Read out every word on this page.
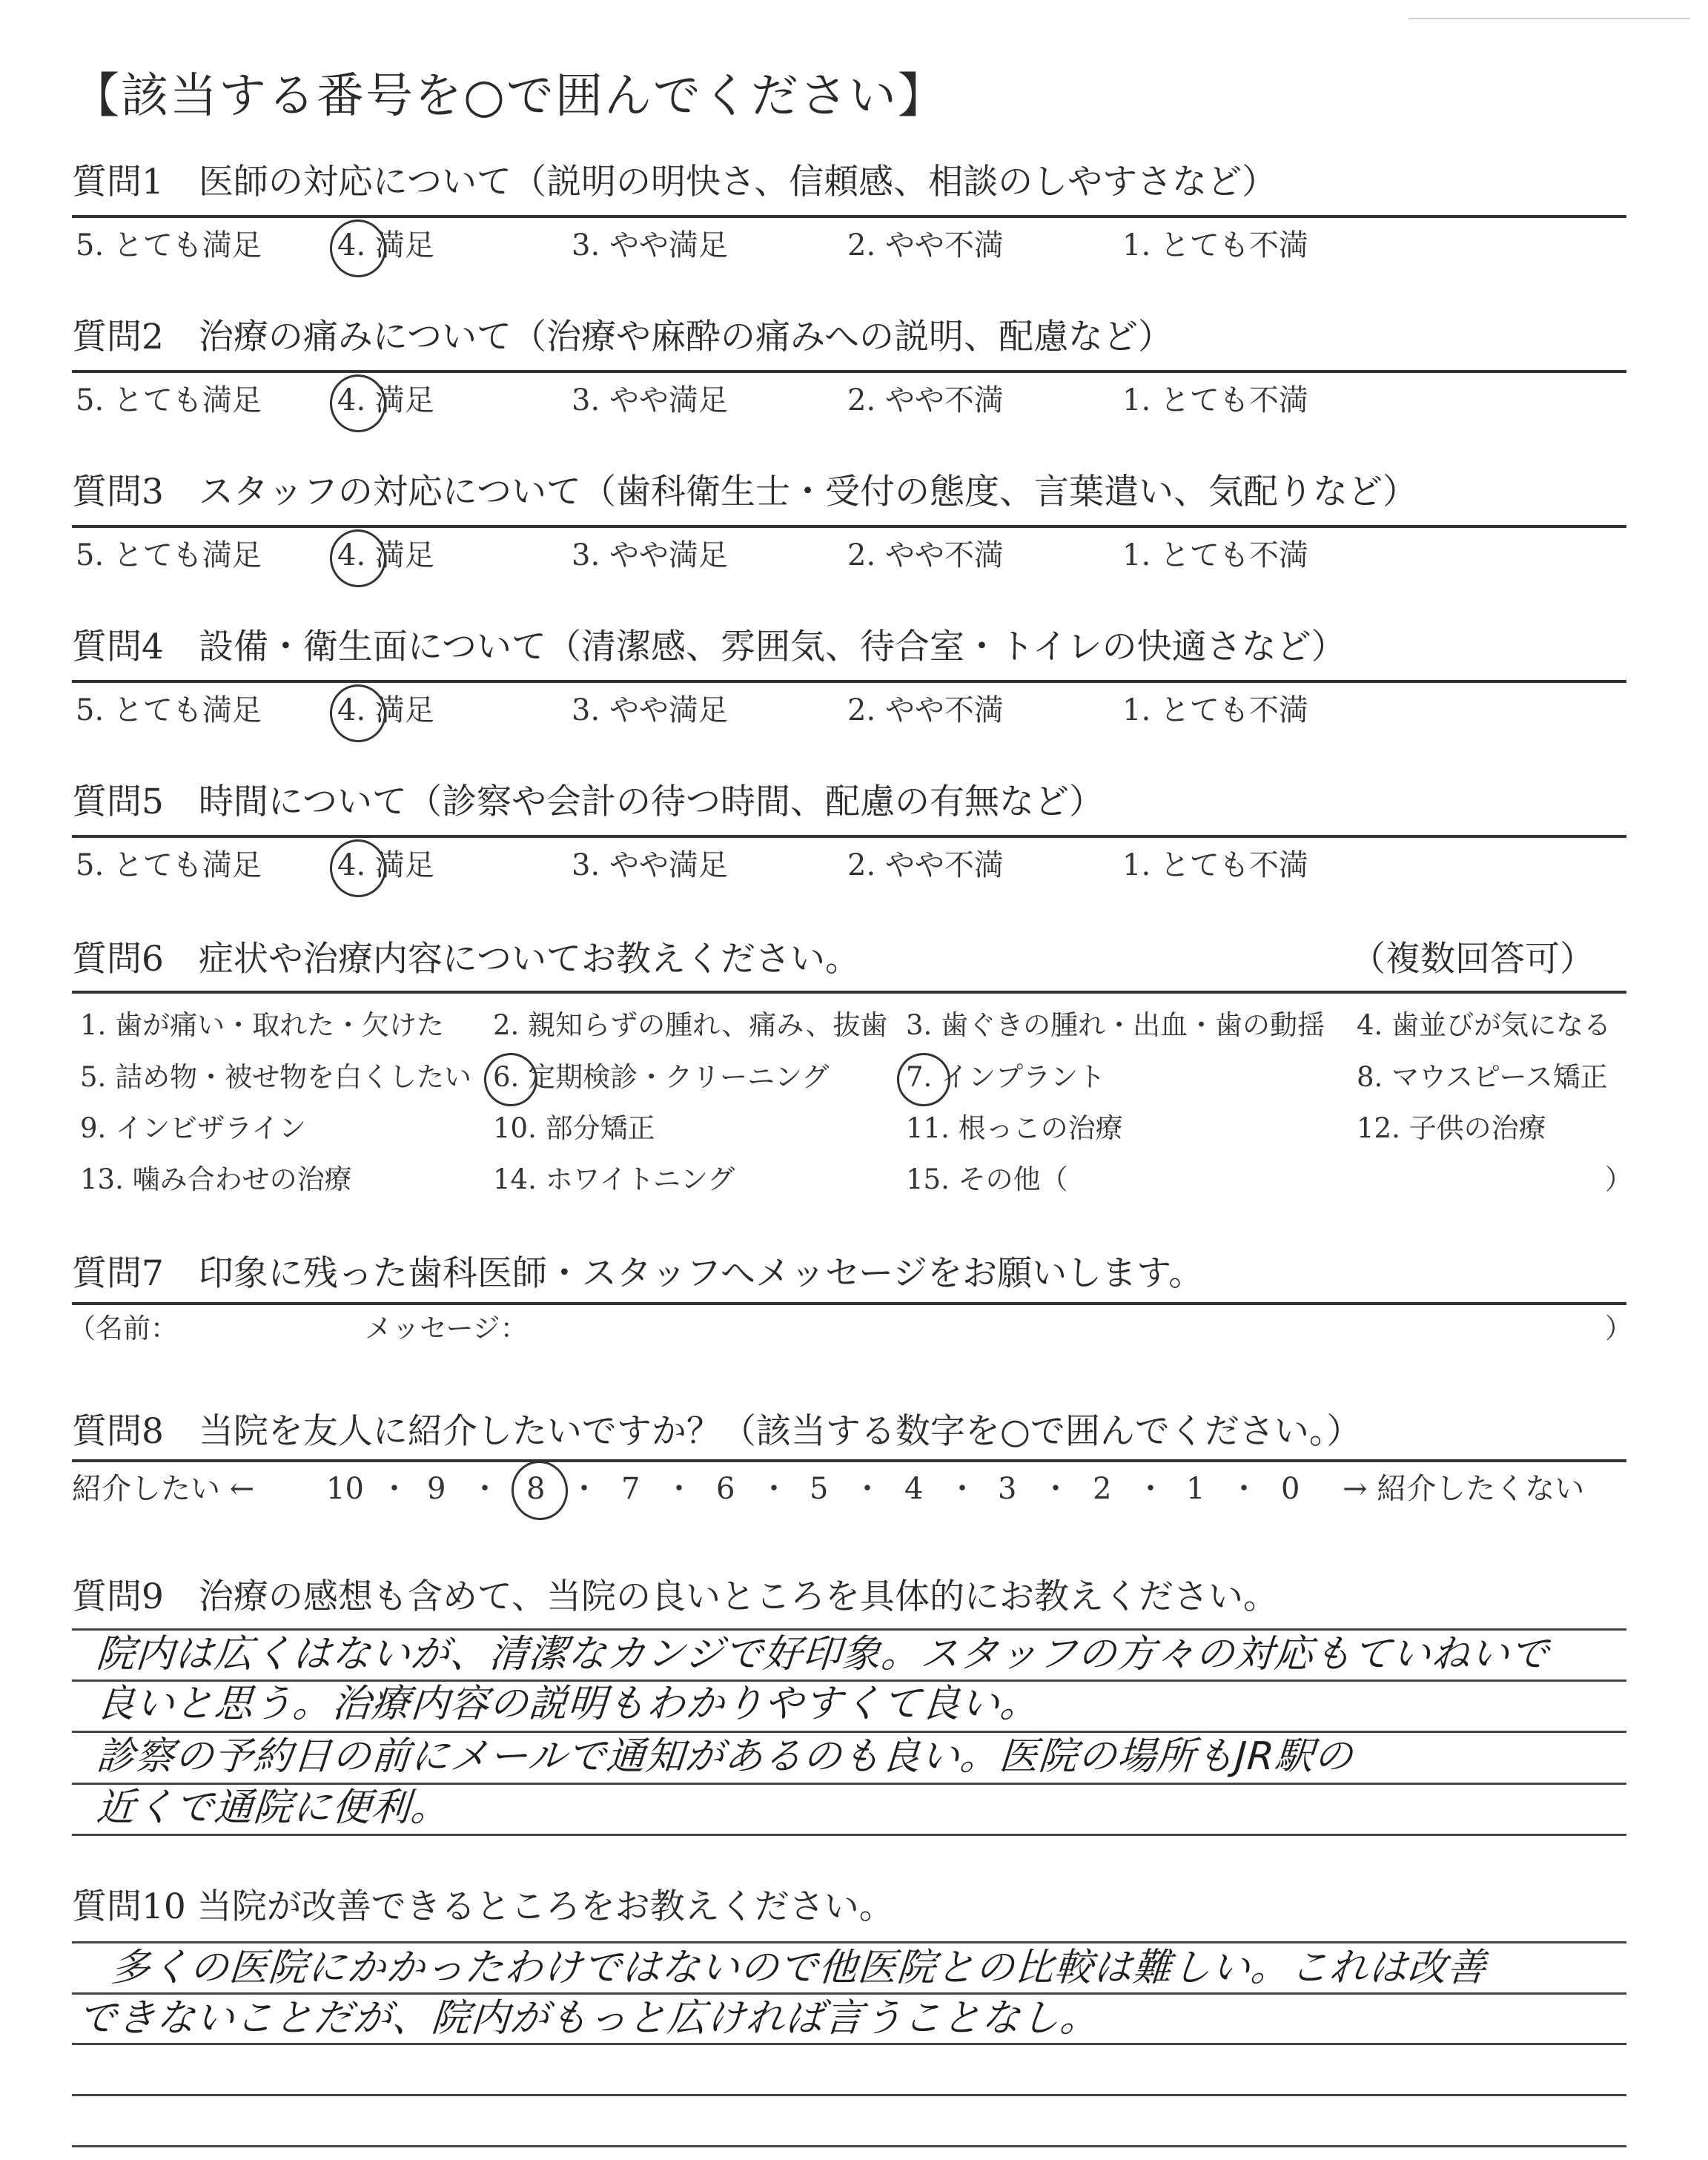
【該当する番号を○で囲んでください】
質問1　医師の対応について（説明の明快さ、信頼感、相談のしやすさなど）
5. とても満足	4. 満足	3. やや満足	2. やや不満	1. とても不満
質問2　治療の痛みについて（治療や麻酔の痛みへの説明、配慮など）
5. とても満足	4. 満足	3. やや満足	2. やや不満	1. とても不満
質問3　スタッフの対応について（歯科衛生士・受付の態度、言葉遣い、気配りなど）
5. とても満足	4. 満足	3. やや満足	2. やや不満	1. とても不満
質問4　設備・衛生面について（清潔感、雰囲気、待合室・トイレの快適さなど）
5. とても満足	4. 満足	3. やや満足	2. やや不満	1. とても不満
質問5　時間について（診察や会計の待つ時間、配慮の有無など）
5. とても満足	4. 満足	3. やや満足	2. やや不満	1. とても不満
質問6　症状や治療内容についてお教えください。	（複数回答可）
1. 歯が痛い・取れた・欠けた 2. 親知らずの腫れ、痛み、抜歯 3. 歯ぐきの腫れ・出血・歯の動揺 4. 歯並びが気になる
5. 詰め物・被せ物を白くしたい 6. 定期検診・クリーニング	7. インプラント	8. マウスピース矯正
9. インビザライン	10. 部分矯正	11. 根っこの治療	12. 子供の治療
13. 噛み合わせの治療	14. ホワイトニング	15. その他（	）
質問7　印象に残った歯科医師・スタッフへメッセージをお願いします。
（名前：	メッセージ：	）
質問8　当院を友人に紹介したいですか？（該当する数字を○で囲んでください。）
紹介したい ← 10 ・ 9 ・ 8 ・ 7 ・ 6 ・ 5 ・ 4 ・ 3 ・ 2 ・ 1 ・ 0 → 紹介したくない
質問9　治療の感想も含めて、当院の良いところを具体的にお教えください。
院内は広くはないが、清潔なカンジで好印象。スタッフの方々の対応もていねいで
良いと思う。治療内容の説明もわかりやすくて良い。
診察の予約日の前にメールで通知があるのも良い。医院の場所もJR駅の
近くで通院に便利。
質問10 当院が改善できるところをお教えください。
多くの医院にかかったわけではないので他医院との比較は難しい。これは改善
できないことだが、院内がもっと広ければ言うことなし。
